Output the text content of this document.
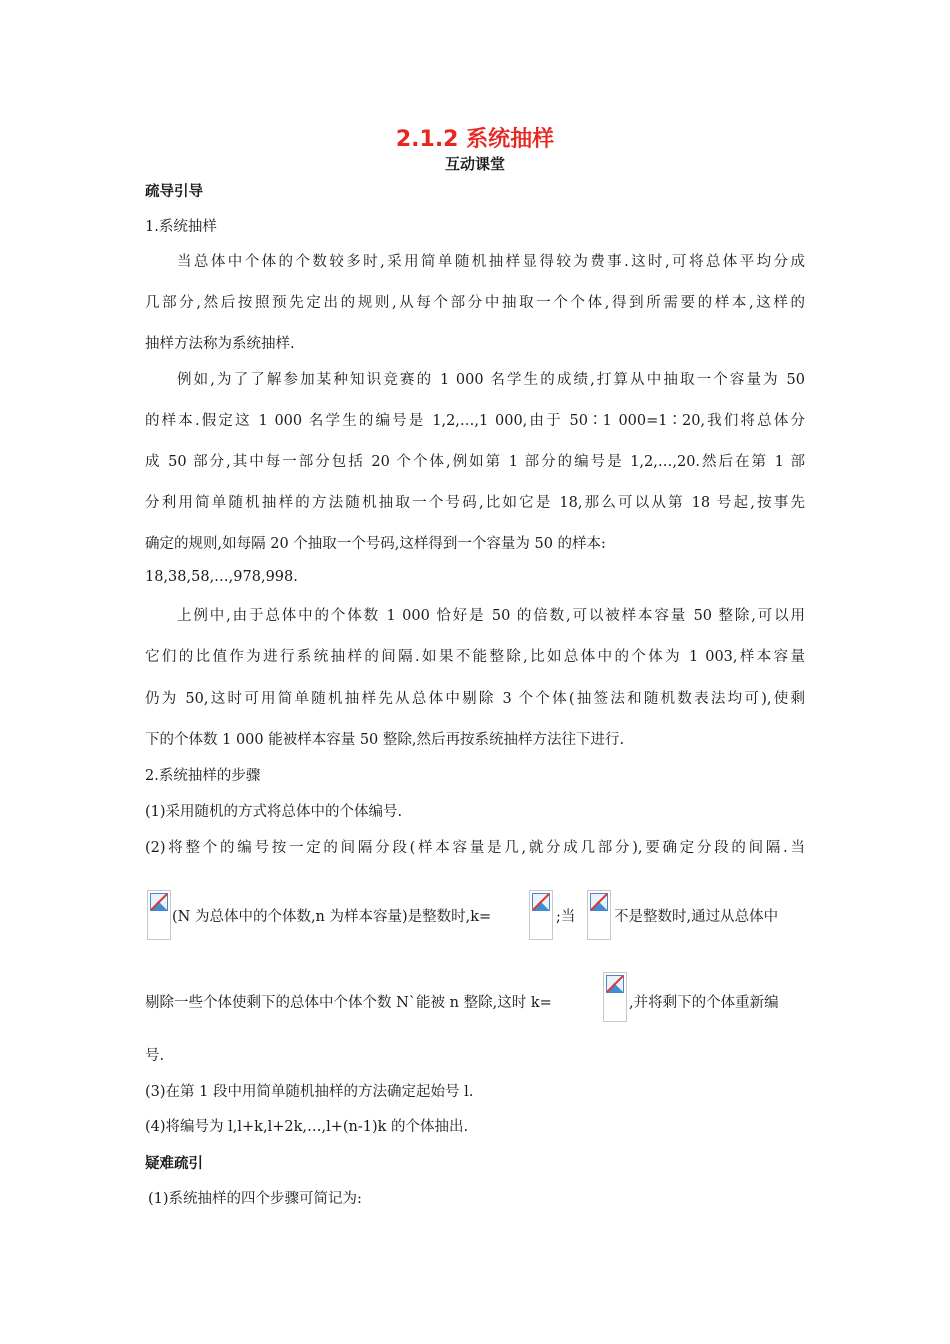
2.1.2 系统抽样
互动课堂
疏导引导
1.系统抽样
当总体中个体的个数较多时,采用简单随机抽样显得较为费事.这时,可将总体平均分成
几部分,然后按照预先定出的规则,从每个部分中抽取一个个体,得到所需要的样本,这样的
抽样方法称为系统抽样.
例如,为了了解参加某种知识竞赛的 1 000 名学生的成绩,打算从中抽取一个容量为 50
的样本.假定这 1 000 名学生的编号是 1,2,…,1 000,由于 50∶1 000=1∶20,我们将总体分
成 50 部分,其中每一部分包括 20 个个体,例如第 1 部分的编号是 1,2,…,20.然后在第 1 部
分利用简单随机抽样的方法随机抽取一个号码,比如它是 18,那么可以从第 18 号起,按事先
确定的规则,如每隔 20 个抽取一个号码,这样得到一个容量为 50 的样本:
18,38,58,…,978,998.
上例中,由于总体中的个体数 1 000 恰好是 50 的倍数,可以被样本容量 50 整除,可以用
它们的比值作为进行系统抽样的间隔.如果不能整除,比如总体中的个体为 1 003,样本容量
仍为 50,这时可用简单随机抽样先从总体中剔除 3 个个体(抽签法和随机数表法均可),使剩
下的个体数 1 000 能被样本容量 50 整除,然后再按系统抽样方法往下进行.
2.系统抽样的步骤
(1)采用随机的方式将总体中的个体编号.
(2)将整个的编号按一定的间隔分段(样本容量是几,就分成几部分),要确定分段的间隔.当
(N 为总体中的个体数,n 为样本容量)是整数时,k=	;当	不是整数时,通过从总体中
剔除一些个体使剩下的总体中个体个数 N`能被 n 整除,这时 k=	,并将剩下的个体重新编
号.
(3)在第 1 段中用简单随机抽样的方法确定起始号 l.
(4)将编号为 l,l+k,l+2k,…,l+(n-1)k 的个体抽出.
疑难疏引
(1)系统抽样的四个步骤可简记为:
